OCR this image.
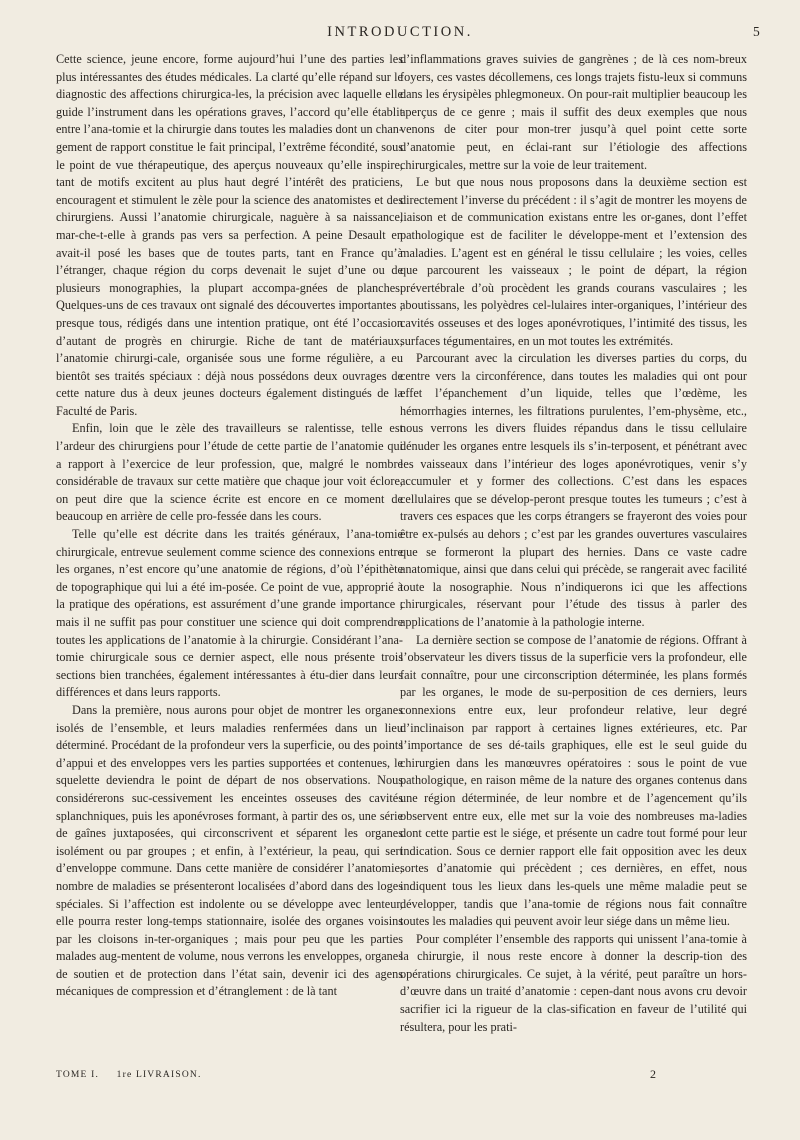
INTRODUCTION.	5

Cette science, jeune encore, forme aujourd’hui l’une des parties les plus intéressantes des études médicales. La clarté qu’elle répand sur le diagnostic des affections chirurgica-les, la précision avec laquelle elle guide l’instrument dans les opérations graves, l’accord qu’elle établit entre l’ana-tomie et la chirurgie dans toutes les maladies dont un chan-gement de rapport constitue le fait principal, l’extrême fécondité, sous le point de vue thérapeutique, des aperçus nouveaux qu’elle inspire, tant de motifs excitent au plus haut degré l’intérêt des praticiens, encouragent et stimulent le zèle pour la science des anatomistes et des chirurgiens. Aussi l’anatomie chirurgicale, naguère à sa naissance, mar-che-t-elle à grands pas vers sa perfection. A peine Desault en avait-il posé les bases que de toutes parts, tant en France qu’à l’étranger, chaque région du corps devenait le sujet d’une ou de plusieurs monographies, la plupart accompa-gnées de planches. Quelques-uns de ces travaux ont signalé des découvertes importantes ; presque tous, rédigés dans une intention pratique, ont été l’occasion d’autant de progrès en chirurgie. Riche de tant de matériaux, l’anatomie chirurgi-cale, organisée sous une forme régulière, a eu bientôt ses traités spéciaux : déjà nous possédons deux ouvrages de cette nature dus à deux jeunes docteurs également distingués de la Faculté de Paris.

Enfin, loin que le zèle des travailleurs se ralentisse, telle est l’ardeur des chirurgiens pour l’étude de cette partie de l’anatomie qui a rapport à l’exercice de leur profession, que, malgré le nombre considérable de travaux sur cette matière que chaque jour voit éclore, on peut dire que la science écrite est encore en ce moment de beaucoup en arrière de celle pro-fessée dans les cours.

Telle qu’elle est décrite dans les traités généraux, l’ana-tomie chirurgicale, entrevue seulement comme science des connexions entre les organes, n’est encore qu’une anatomie de régions, d’où l’épithète de topographique qui lui a été im-posée. Ce point de vue, approprié à la pratique des opérations, est assurément d’une grande importance ; mais il ne suffit pas pour constituer une science qui doit comprendre toutes les applications de l’anatomie à la chirurgie. Considérant l’ana-tomie chirurgicale sous ce dernier aspect, elle nous présente trois sections bien tranchées, également intéressantes à étu-dier dans leurs différences et dans leurs rapports.

Dans la première, nous aurons pour objet de montrer les organes isolés de l’ensemble, et leurs maladies renfermées dans un lieu déterminé. Procédant de la profondeur vers la superficie, ou des points d’appui et des enveloppes vers les parties supportées et contenues, le squelette deviendra le point de départ de nos observations. Nous considérerons suc-cessivement les enceintes osseuses des cavités splanchniques, puis les aponévroses formant, à partir des os, une série de gaînes juxtaposées, qui circonscrivent et séparent les organes isolément ou par groupes ; et enfin, à l’extérieur, la peau, qui sert d’enveloppe commune. Dans cette manière de considérer l’anatomie, nombre de maladies se présenteront localisées d’abord dans des loges spéciales. Si l’affection est indolente ou se développe avec lenteur, elle pourra rester long-temps stationnaire, isolée des organes voisins par les cloisons in-ter-organiques ; mais pour peu que les parties malades aug-mentent de volume, nous verrons les enveloppes, organes de soutien et de protection dans l’état sain, devenir ici des agens mécaniques de compression et d’étranglement : de là tant

d’inflammations graves suivies de gangrènes ; de là ces nom-breux foyers, ces vastes décollemens, ces longs trajets fistu-leux si communs dans les érysipèles phlegmoneux. On pour-rait multiplier beaucoup les aperçus de ce genre ; mais il suffit des deux exemples que nous venons de citer pour mon-trer jusqu’à quel point cette sorte d’anatomie peut, en éclai-rant sur l’étiologie des affections chirurgicales, mettre sur la voie de leur traitement.

Le but que nous nous proposons dans la deuxième section est directement l’inverse du précédent : il s’agit de montrer les moyens de liaison et de communication existans entre les or-ganes, dont l’effet pathologique est de faciliter le développe-ment et l’extension des maladies. L’agent est en général le tissu cellulaire ; les voies, celles que parcourent les vaisseaux ; le point de départ, la région prévertébrale d’où procèdent les grands courans vasculaires ; les aboutissans, les polyèdres cel-lulaires inter-organiques, l’intérieur des cavités osseuses et des loges aponévrotiques, l’intimité des tissus, les surfaces tégumentaires, en un mot toutes les extrémités.

Parcourant avec la circulation les diverses parties du corps, du centre vers la circonférence, dans toutes les maladies qui ont pour effet l’épanchement d’un liquide, telles que l’œdème, les hémorrhagies internes, les filtrations purulentes, l’em-physème, etc., nous verrons les divers fluides répandus dans le tissu cellulaire dénuder les organes entre lesquels ils s’in-terposent, et pénétrant avec les vaisseaux dans l’intérieur des loges aponévrotiques, venir s’y accumuler et y former des collections. C’est dans les espaces cellulaires que se dévelop-peront presque toutes les tumeurs ; c’est à travers ces espaces que les corps étrangers se frayeront des voies pour être ex-pulsés au dehors ; c’est par les grandes ouvertures vasculaires que se formeront la plupart des hernies. Dans ce vaste cadre anatomique, ainsi que dans celui qui précède, se rangerait avec facilité toute la nosographie. Nous n’indiquerons ici que les affections chirurgicales, réservant pour l’étude des tissus à parler des applications de l’anatomie à la pathologie interne.

La dernière section se compose de l’anatomie de régions. Offrant à l’observateur les divers tissus de la superficie vers la profondeur, elle fait connaître, pour une circonscription déterminée, les plans formés par les organes, le mode de su-perposition de ces derniers, leurs connexions entre eux, leur profondeur relative, leur degré d’inclinaison par rapport à certaines lignes extérieures, etc. Par l’importance de ses dé-tails graphiques, elle est le seul guide du chirurgien dans les manœuvres opératoires : sous le point de vue pathologique, en raison même de la nature des organes contenus dans une région déterminée, de leur nombre et de l’agencement qu’ils observent entre eux, elle met sur la voie des nombreuses ma-ladies dont cette partie est le siége, et présente un cadre tout formé pour leur indication. Sous ce dernier rapport elle fait opposition avec les deux sortes d’anatomie qui précèdent ; ces dernières, en effet, nous indiquent tous les lieux dans les-quels une même maladie peut se développer, tandis que l’ana-tomie de régions nous fait connaître toutes les maladies qui peuvent avoir leur siége dans un même lieu.

Pour compléter l’ensemble des rapports qui unissent l’ana-tomie à la chirurgie, il nous reste encore à donner la descrip-tion des opérations chirurgicales. Ce sujet, à la vérité, peut paraître un hors-d’œuvre dans un traité d’anatomie : cepen-dant nous avons cru devoir sacrifier ici la rigueur de la clas-sification en faveur de l’utilité qui résultera, pour les prati-

TOME I. 1re LIVRAISON.	2
